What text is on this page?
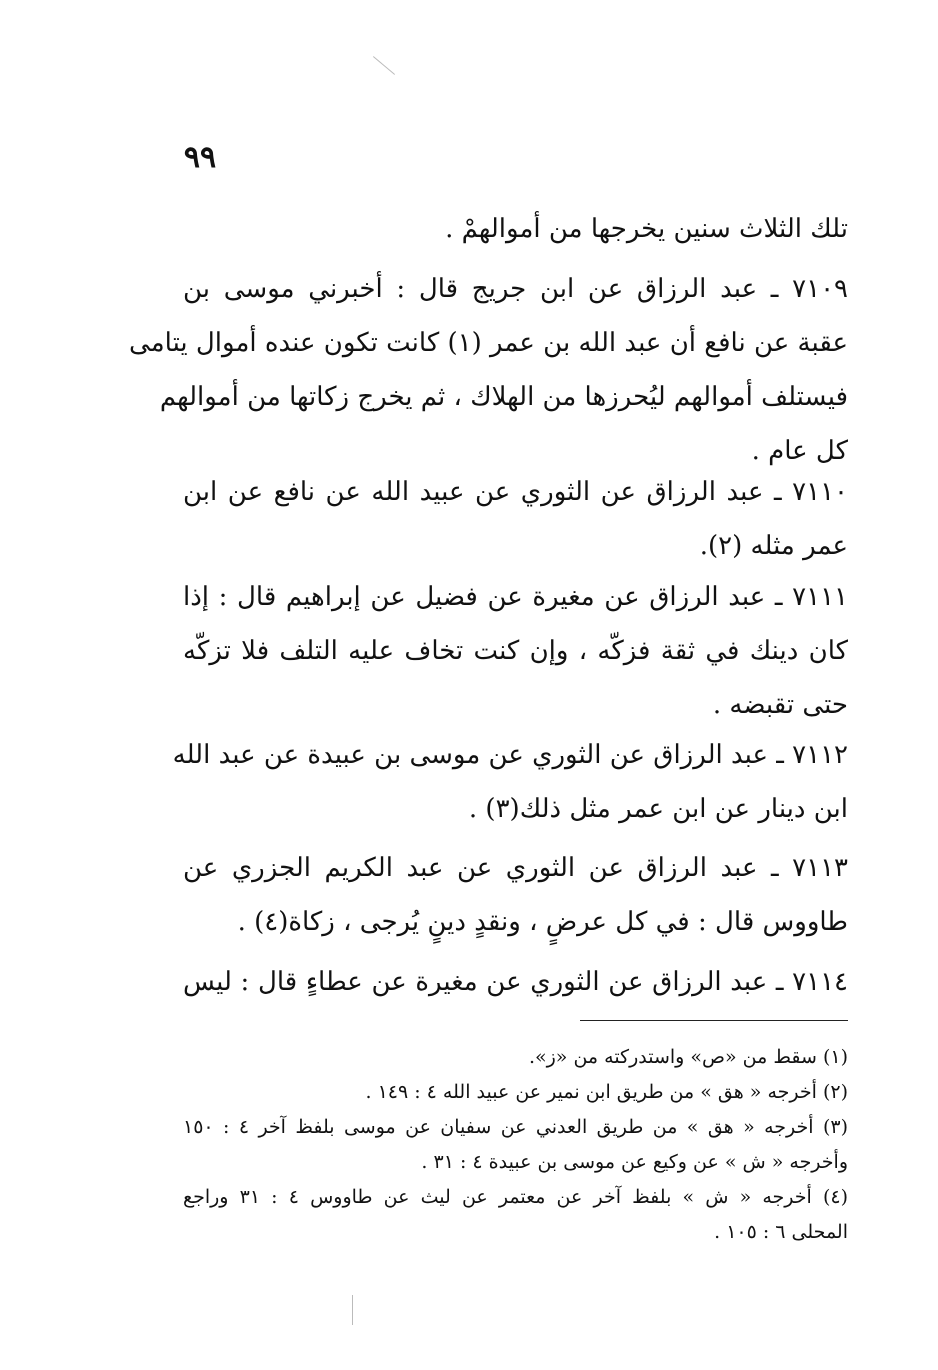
٩٩
تلك الثلاث سنين يخرجها من أموالهمْ .
٧١٠٩ ـ عبد الرزاق عن ابن جريج قال : أخبرني موسى بن
عقبة عن نافع أن عبد الله بن عمر (١) كانت تكون عنده أموال يتامى
فيستلف أموالهم ليُحرزها من الهلاك ، ثم يخرج زكاتها من أموالهم
كل عام .
٧١١٠ ـ عبد الرزاق عن الثوري عن عبيد الله عن نافع عن ابن
عمر مثله (٢).
٧١١١ ـ عبد الرزاق عن مغيرة عن فضيل عن إبراهيم قال : إذا
كان دينك في ثقة فزكّه ، وإن كنت تخاف عليه التلف فلا تزكّه
حتى تقبضه .
٧١١٢ ـ عبد الرزاق عن الثوري عن موسى بن عبيدة عن عبد الله
ابن دينار عن ابن عمر مثل ذلك(٣) .
٧١١٣ ـ عبد الرزاق عن الثوري عن عبد الكريم الجزري عن
طاووس قال : في كل عرضٍ ، ونقدٍ دينٍ يُرجى ، زكاة(٤) .
٧١١٤ ـ عبد الرزاق عن الثوري عن مغيرة عن عطاءٍ قال : ليس
(١) سقط من «ص» واستدركته من «ز».
(٢) أخرجه « هق » من طريق ابن نمير عن عبيد الله ٤ : ١٤٩ .
(٣) أخرجه « هق » من طريق العدني عن سفيان عن موسى بلفظ آخر ٤ : ١٥٠
وأخرجه « ش » عن وكيع عن موسى بن عبيدة ٤ : ٣١ .
(٤) أخرجه « ش » بلفظ آخر عن معتمر عن ليث عن طاووس ٤ : ٣١ وراجع
المحلى ٦ : ١٠٥ .
